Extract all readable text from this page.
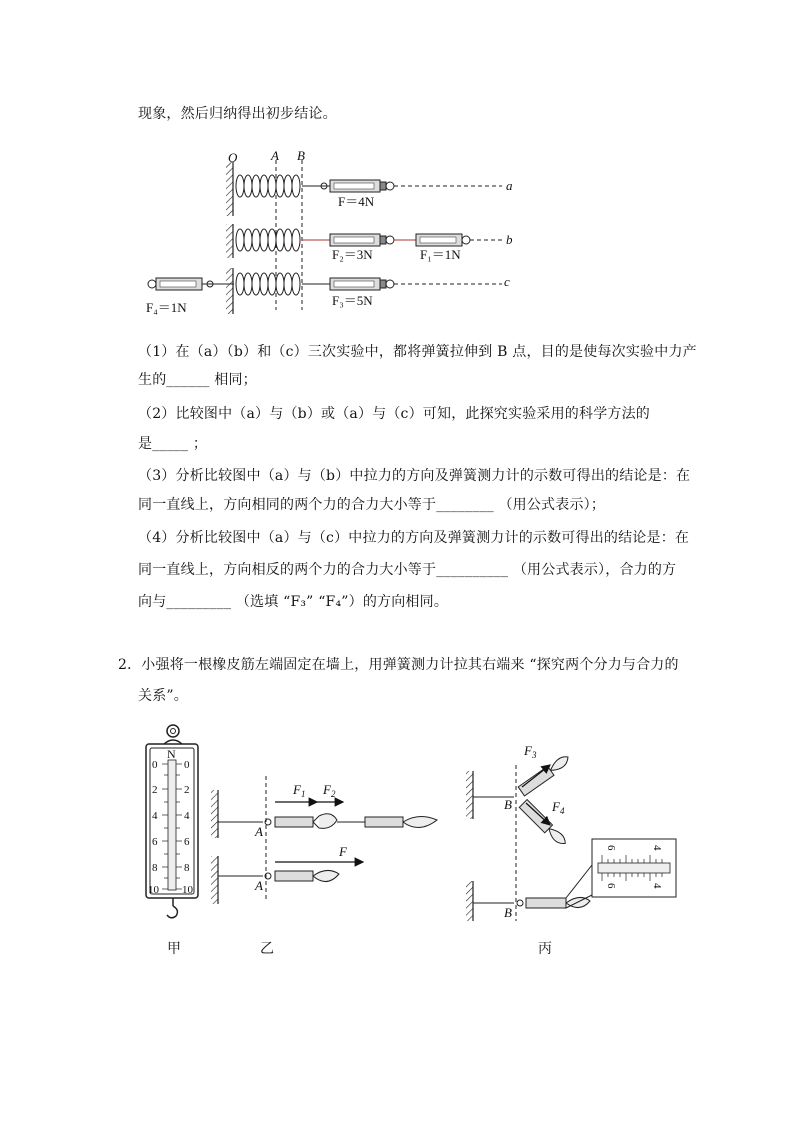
现象，然后归纳得出初步结论。
O	A B
a
b
c
F＝4N
F₂＝3N	F₁＝1N
F₃＝5N
F₄＝1N
（1）在（a）（b）和（c）三次实验中，都将弹簧拉伸到 B 点，目的是使每次实验中力产
生的______ 相同；
（2）比较图中（a）与（b）或（a）与（c）可知，此探究实验采用的科学方法的
是_____ ；
（3）分析比较图中（a）与（b）中拉力的方向及弹簧测力计的示数可得出的结论是：在
同一直线上，方向相同的两个力的合力大小等于________ （用公式表示）；
（4）分析比较图中（a）与（c）中拉力的方向及弹簧测力计的示数可得出的结论是：在
同一直线上，方向相反的两个力的合力大小等于__________ （用公式表示），合力的方
向与_________ （选填 “F₃” “F₄”）的方向相同。
2．小强将一根橡皮筋左端固定在墙上，用弹簧测力计拉其右端来 “探究两个分力与合力的
关系”。
N
0
2
4
6
8
10
0
2
4
6
8
10
甲
$F_1$ $F_2$
A
F
A
乙
$F_3$
$F_4$
B
B
6	4
6	4
丙
